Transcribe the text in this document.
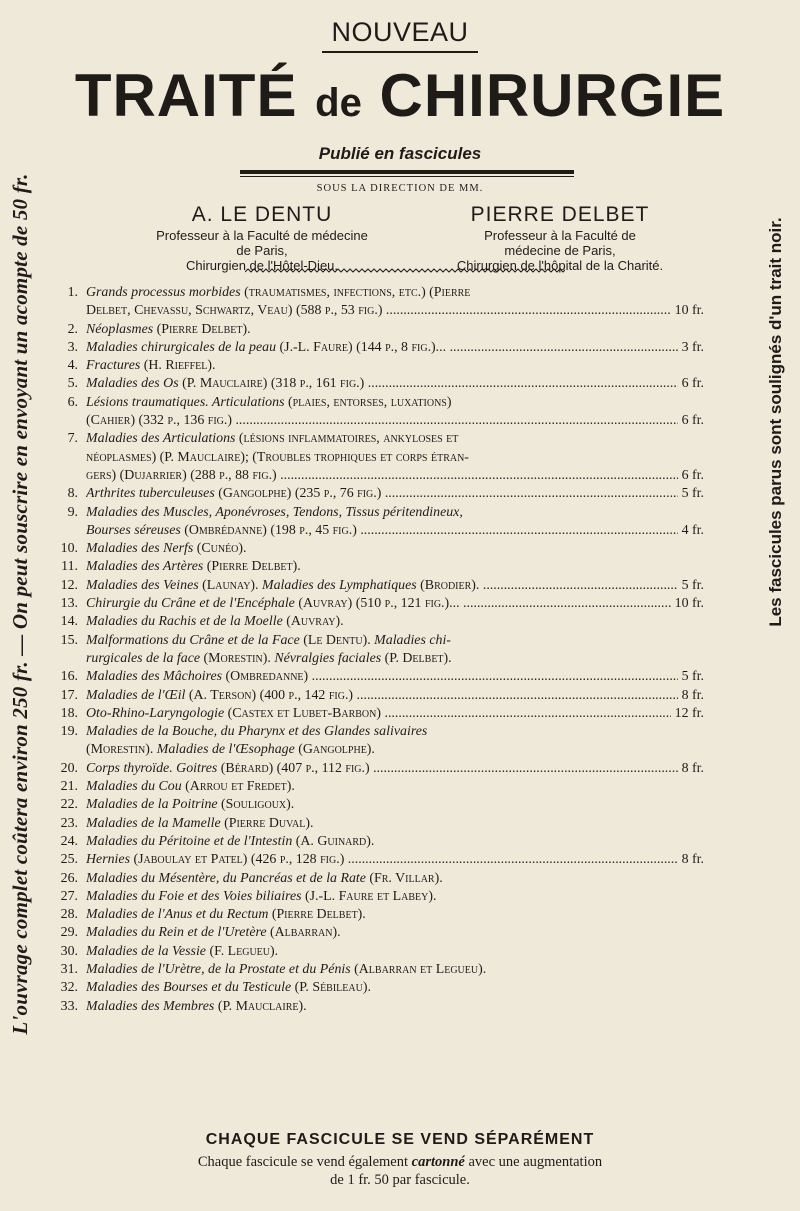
L'ouvrage complet coûtera environ 250 fr. — On peut souscrire en envoyant un acompte de 50 fr.	Les fascicules parus sont soulignés d'un trait noir.
NOUVEAU
TRAITÉ de CHIRURGIE
Publié en fascicules
SOUS LA DIRECTION DE MM.
A. LE DENTU
Professeur à la Faculté de médecine
de Paris,
Chirurgien de l'Hôtel-Dieu.
PIERRE DELBET
Professeur à la Faculté de
médecine de Paris,
Chirurgien de l'hôpital de la Charité.
1. Grands processus morbides (traumatismes, infections, etc.) (Pierre
Delbet, Chevassu, Schwartz, Veau) (588 p., 53 fig.) .....	10 fr.
2. Néoplasmes (Pierre Delbet).
3. Maladies chirurgicales de la peau (J.-L. Faure) (144 p., 8 fig.)... .....	3 fr.
4. Fractures (H. Rieffel).
5. Maladies des Os (P. Mauclaire) (318 p., 161 fig.) .....	6 fr.
6. Lésions traumatiques. Articulations (plaies, entorses, luxations)
(Cahier) (332 p., 136 fig.) .....	6 fr.
7. Maladies des Articulations (lésions inflammatoires, ankyloses et
néoplasmes) (P. Mauclaire); (Troubles trophiques et corps étran-
gers) (Dujarrier) (288 p., 88 fig.) .....	6 fr.
8. Arthrites tuberculeuses (Gangolphe) (235 p., 76 fig.) .....	5 fr.
9. Maladies des Muscles, Aponévroses, Tendons, Tissus péritendineux,
Bourses séreuses (Ombrédanne) (198 p., 45 fig.) .....	4 fr.
10. Maladies des Nerfs (Cunéo).
11. Maladies des Artères (Pierre Delbet).
12. Maladies des Veines (Launay). Maladies des Lymphatiques (Brodier). .....	5 fr.
13. Chirurgie du Crâne et de l'Encéphale (Auvray) (510 p., 121 fig.)... .....	10 fr.
14. Maladies du Rachis et de la Moelle (Auvray).
15. Malformations du Crâne et de la Face (Le Dentu). Maladies chi-
rurgicales de la face (Morestin). Névralgies faciales (P. Delbet).
16. Maladies des Mâchoires (Ombredanne) .....	5 fr.
17. Maladies de l'Œil (A. Terson) (400 p., 142 fig.) .....	8 fr.
18. Oto-Rhino-Laryngologie (Castex et Lubet-Barbon) .....	12 fr.
19. Maladies de la Bouche, du Pharynx et des Glandes salivaires
(Morestin). Maladies de l'Œsophage (Gangolphe).
20. Corps thyroïde. Goitres (Bérard) (407 p., 112 fig.) .....	8 fr.
21. Maladies du Cou (Arrou et Fredet).
22. Maladies de la Poitrine (Souligoux).
23. Maladies de la Mamelle (Pierre Duval).
24. Maladies du Péritoine et de l'Intestin (A. Guinard).
25. Hernies (Jaboulay et Patel) (426 p., 128 fig.) .....	8 fr.
26. Maladies du Mésentère, du Pancréas et de la Rate (Fr. Villar).
27. Maladies du Foie et des Voies biliaires (J.-L. Faure et Labey).
28. Maladies de l'Anus et du Rectum (Pierre Delbet).
29. Maladies du Rein et de l'Uretère (Albarran).
30. Maladies de la Vessie (F. Legueu).
31. Maladies de l'Urètre, de la Prostate et du Pénis (Albarran et Legueu).
32. Maladies des Bourses et du Testicule (P. Sébileau).
33. Maladies des Membres (P. Mauclaire).
CHAQUE FASCICULE SE VEND SÉPARÉMENT
Chaque fascicule se vend également cartonné avec une augmentation
de 1 fr. 50 par fascicule.
